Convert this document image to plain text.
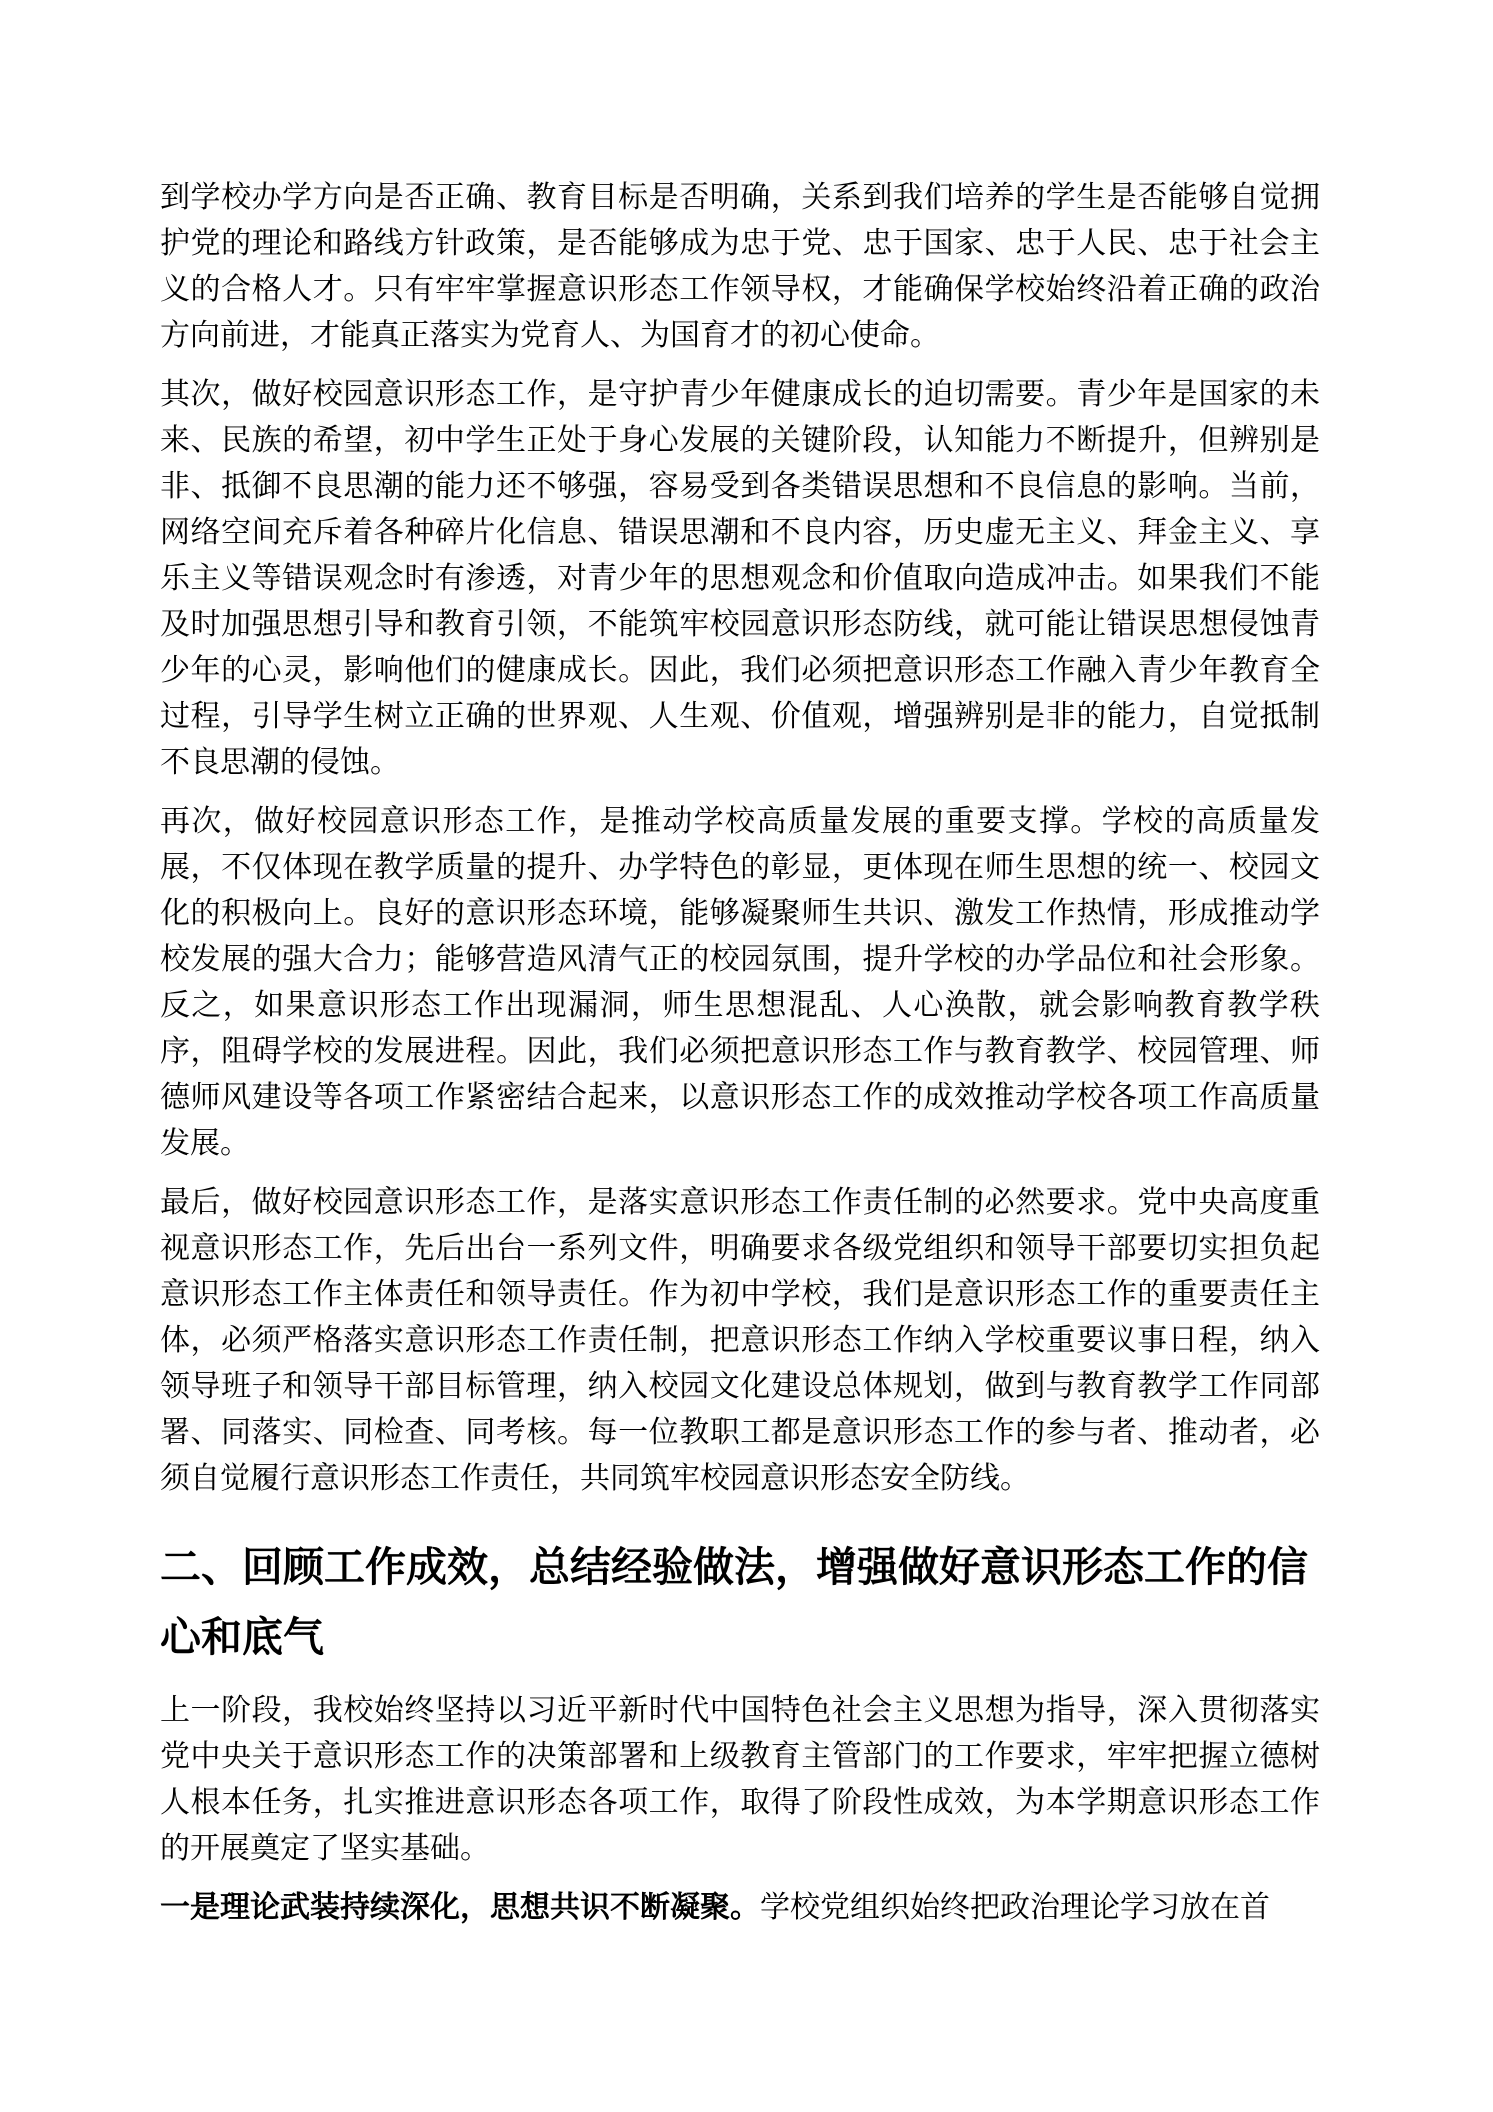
到学校办学方向是否正确、教育目标是否明确，关系到我们培养的学生是否能够自觉拥护党的理论和路线方针政策，是否能够成为忠于党、忠于国家、忠于人民、忠于社会主义的合格人才。只有牢牢掌握意识形态工作领导权，才能确保学校始终沿着正确的政治方向前进，才能真正落实为党育人、为国育才的初心使命。

其次，做好校园意识形态工作，是守护青少年健康成长的迫切需要。青少年是国家的未来、民族的希望，初中学生正处于身心发展的关键阶段，认知能力不断提升，但辨别是非、抵御不良思潮的能力还不够强，容易受到各类错误思想和不良信息的影响。当前，网络空间充斥着各种碎片化信息、错误思潮和不良内容，历史虚无主义、拜金主义、享乐主义等错误观念时有渗透，对青少年的思想观念和价值取向造成冲击。如果我们不能及时加强思想引导和教育引领，不能筑牢校园意识形态防线，就可能让错误思想侵蚀青少年的心灵，影响他们的健康成长。因此，我们必须把意识形态工作融入青少年教育全过程，引导学生树立正确的世界观、人生观、价值观，增强辨别是非的能力，自觉抵制不良思潮的侵蚀。

再次，做好校园意识形态工作，是推动学校高质量发展的重要支撑。学校的高质量发展，不仅体现在教学质量的提升、办学特色的彰显，更体现在师生思想的统一、校园文化的积极向上。良好的意识形态环境，能够凝聚师生共识、激发工作热情，形成推动学校发展的强大合力；能够营造风清气正的校园氛围，提升学校的办学品位和社会形象。反之，如果意识形态工作出现漏洞，师生思想混乱、人心涣散，就会影响教育教学秩序，阻碍学校的发展进程。因此，我们必须把意识形态工作与教育教学、校园管理、师德师风建设等各项工作紧密结合起来，以意识形态工作的成效推动学校各项工作高质量发展。

最后，做好校园意识形态工作，是落实意识形态工作责任制的必然要求。党中央高度重视意识形态工作，先后出台一系列文件，明确要求各级党组织和领导干部要切实担负起意识形态工作主体责任和领导责任。作为初中学校，我们是意识形态工作的重要责任主体，必须严格落实意识形态工作责任制，把意识形态工作纳入学校重要议事日程，纳入领导班子和领导干部目标管理，纳入校园文化建设总体规划，做到与教育教学工作同部署、同落实、同检查、同考核。每一位教职工都是意识形态工作的参与者、推动者，必须自觉履行意识形态工作责任，共同筑牢校园意识形态安全防线。

二、回顾工作成效，总结经验做法，增强做好意识形态工作的信心和底气

上一阶段，我校始终坚持以习近平新时代中国特色社会主义思想为指导，深入贯彻落实党中央关于意识形态工作的决策部署和上级教育主管部门的工作要求，牢牢把握立德树人根本任务，扎实推进意识形态各项工作，取得了阶段性成效，为本学期意识形态工作的开展奠定了坚实基础。

一是理论武装持续深化，思想共识不断凝聚。学校党组织始终把政治理论学习放在首
